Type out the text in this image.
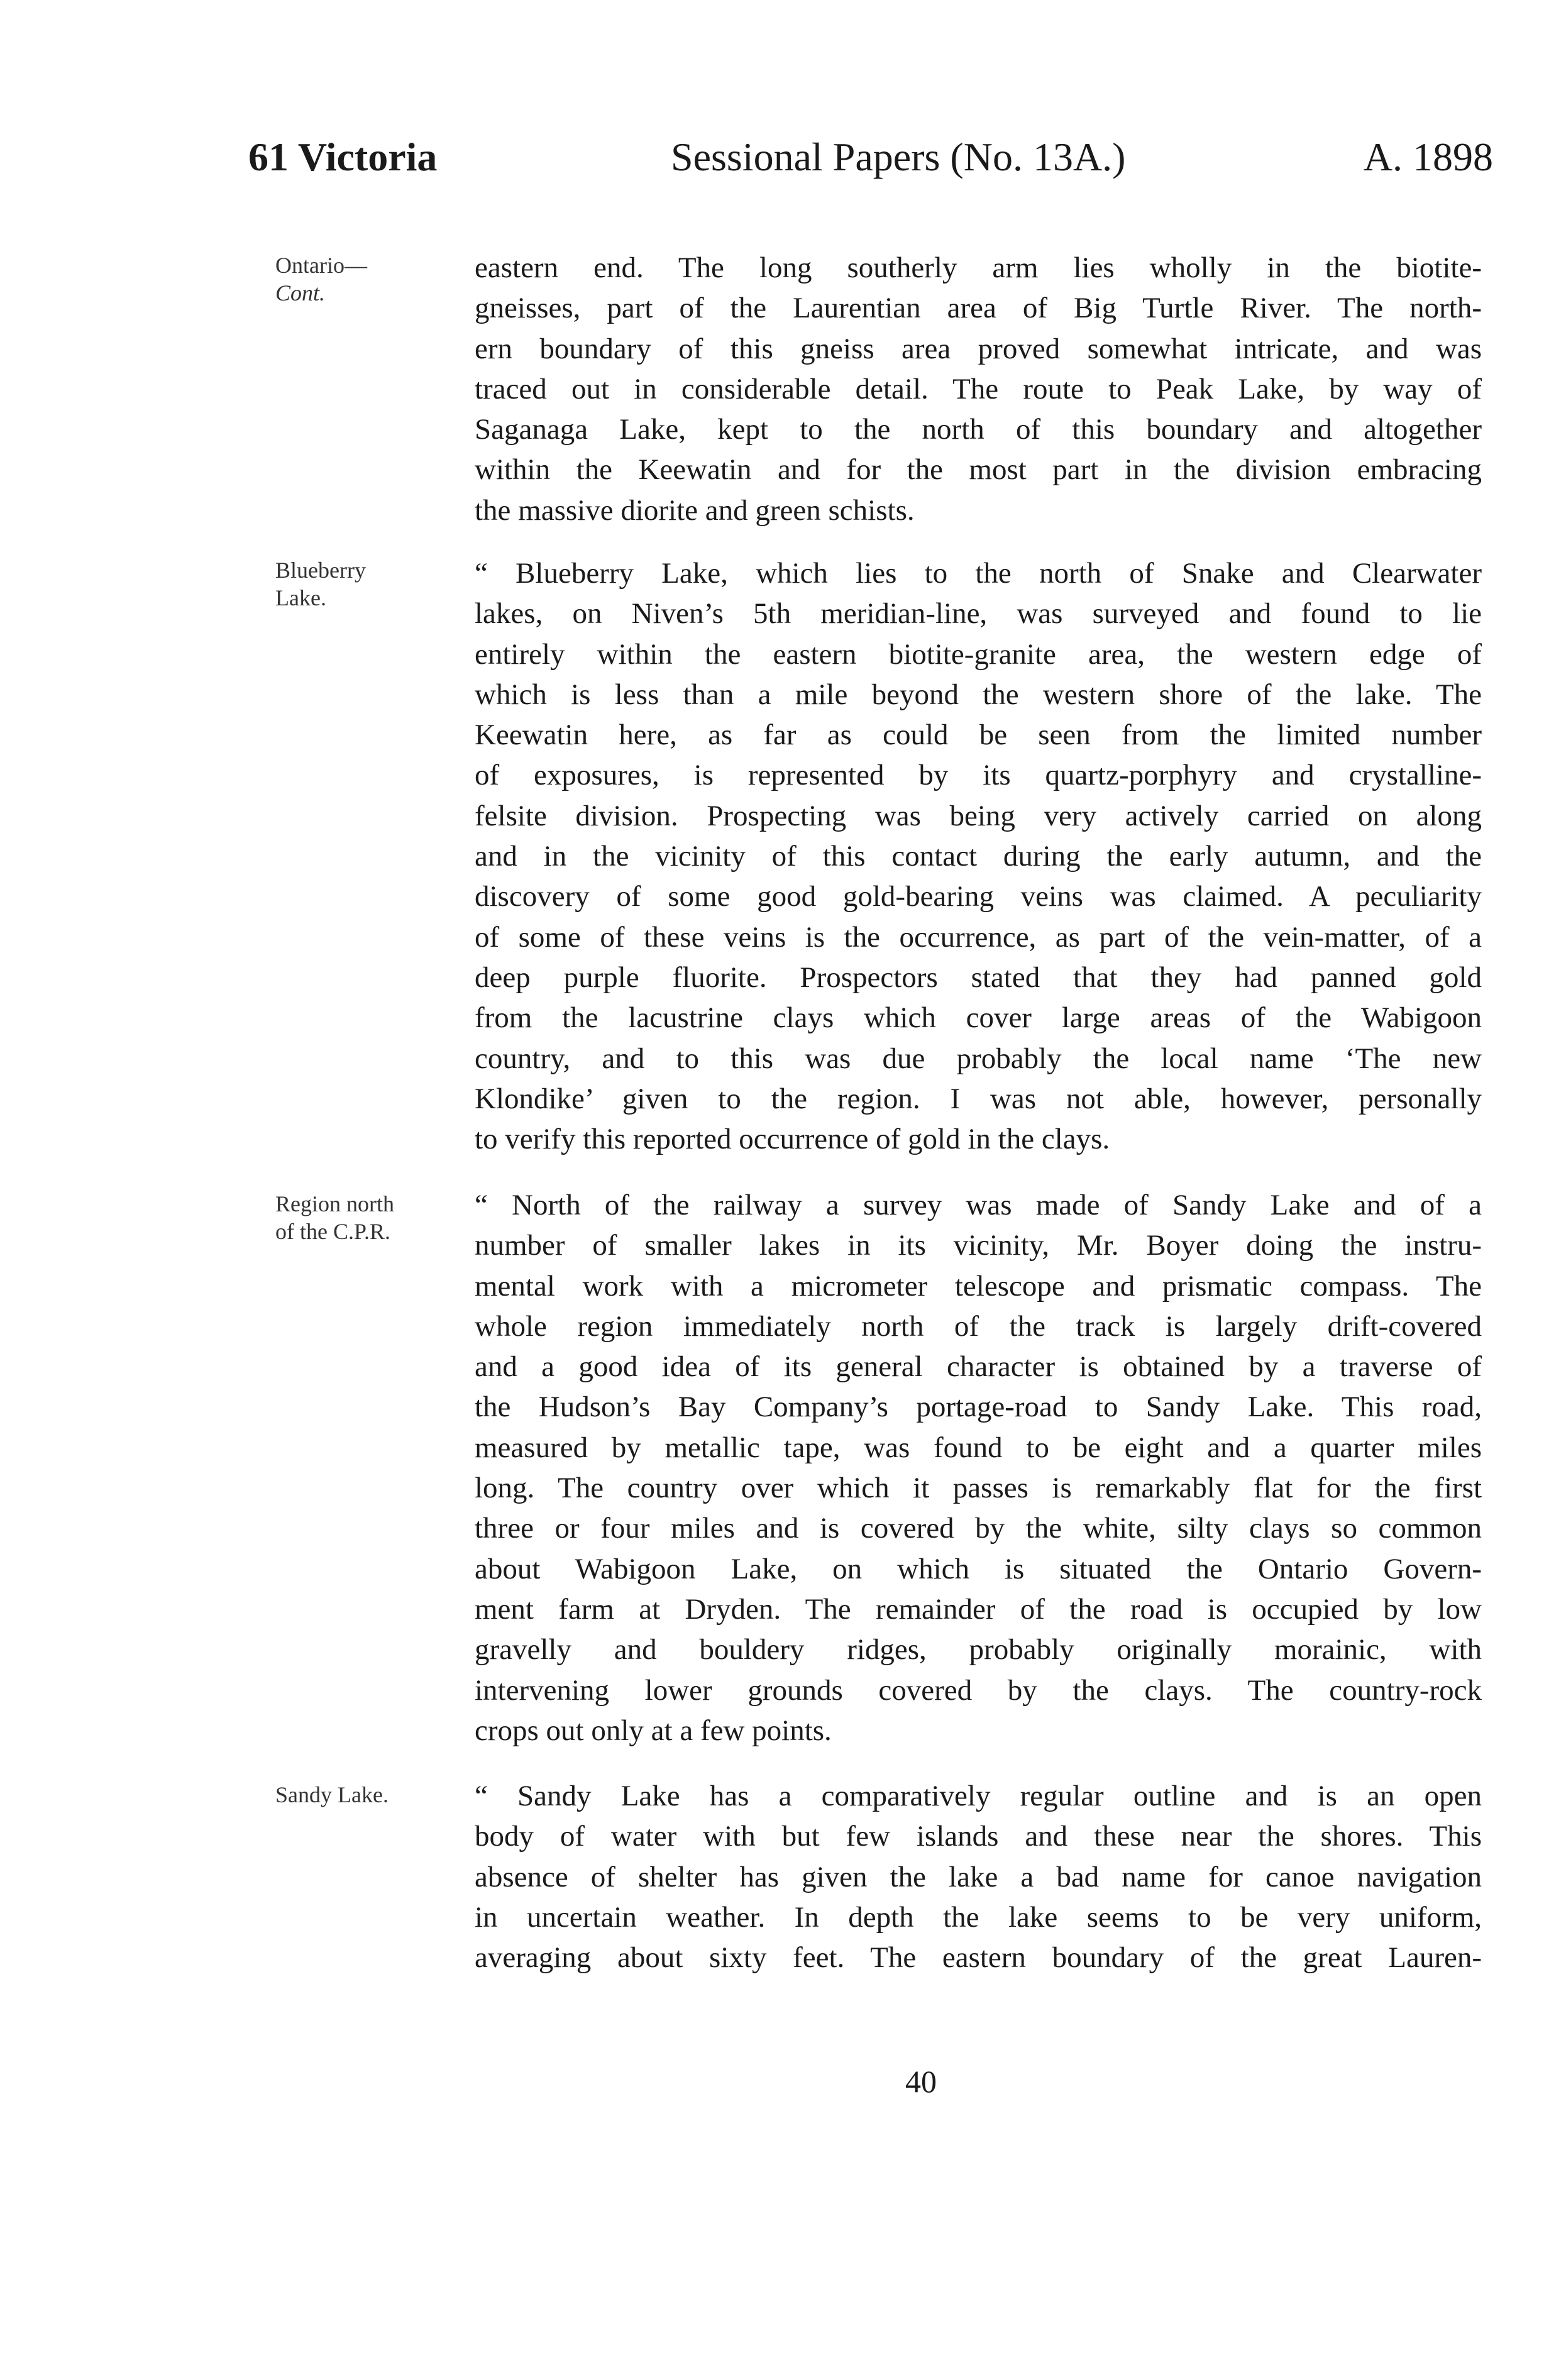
61 Victoria	Sessional Papers (No. 13A.)	A. 1898
Ontario—
Cont.
Blueberry
Lake.
Region north
of the C.P.R.
Sandy Lake.
eastern end. The long southerly arm lies wholly in the biotite-
gneisses, part of the Laurentian area of Big Turtle River. The north-
ern boundary of this gneiss area proved somewhat intricate, and was
traced out in considerable detail. The route to Peak Lake, by way of
Saganaga Lake, kept to the north of this boundary and altogether
within the Keewatin and for the most part in the division embracing
the massive diorite and green schists.
“ Blueberry Lake, which lies to the north of Snake and Clearwater
lakes, on Niven’s 5th meridian-line, was surveyed and found to lie
entirely within the eastern biotite-granite area, the western edge of
which is less than a mile beyond the western shore of the lake. The
Keewatin here, as far as could be seen from the limited number
of exposures, is represented by its quartz-porphyry and crystalline-
felsite division. Prospecting was being very actively carried on along
and in the vicinity of this contact during the early autumn, and the
discovery of some good gold-bearing veins was claimed. A peculiarity
of some of these veins is the occurrence, as part of the vein-matter, of a
deep purple fluorite. Prospectors stated that they had panned gold
from the lacustrine clays which cover large areas of the Wabigoon
country, and to this was due probably the local name ‘The new
Klondike’ given to the region. I was not able, however, personally
to verify this reported occurrence of gold in the clays.
“ North of the railway a survey was made of Sandy Lake and of a
number of smaller lakes in its vicinity, Mr. Boyer doing the instru-
mental work with a micrometer telescope and prismatic compass. The
whole region immediately north of the track is largely drift-covered
and a good idea of its general character is obtained by a traverse of
the Hudson’s Bay Company’s portage-road to Sandy Lake. This road,
measured by metallic tape, was found to be eight and a quarter miles
long. The country over which it passes is remarkably flat for the first
three or four miles and is covered by the white, silty clays so common
about Wabigoon Lake, on which is situated the Ontario Govern-
ment farm at Dryden. The remainder of the road is occupied by low
gravelly and bouldery ridges, probably originally morainic, with
intervening lower grounds covered by the clays. The country-rock
crops out only at a few points.
“ Sandy Lake has a comparatively regular outline and is an open
body of water with but few islands and these near the shores. This
absence of shelter has given the lake a bad name for canoe navigation
in uncertain weather. In depth the lake seems to be very uniform,
averaging about sixty feet. The eastern boundary of the great Lauren-
40
